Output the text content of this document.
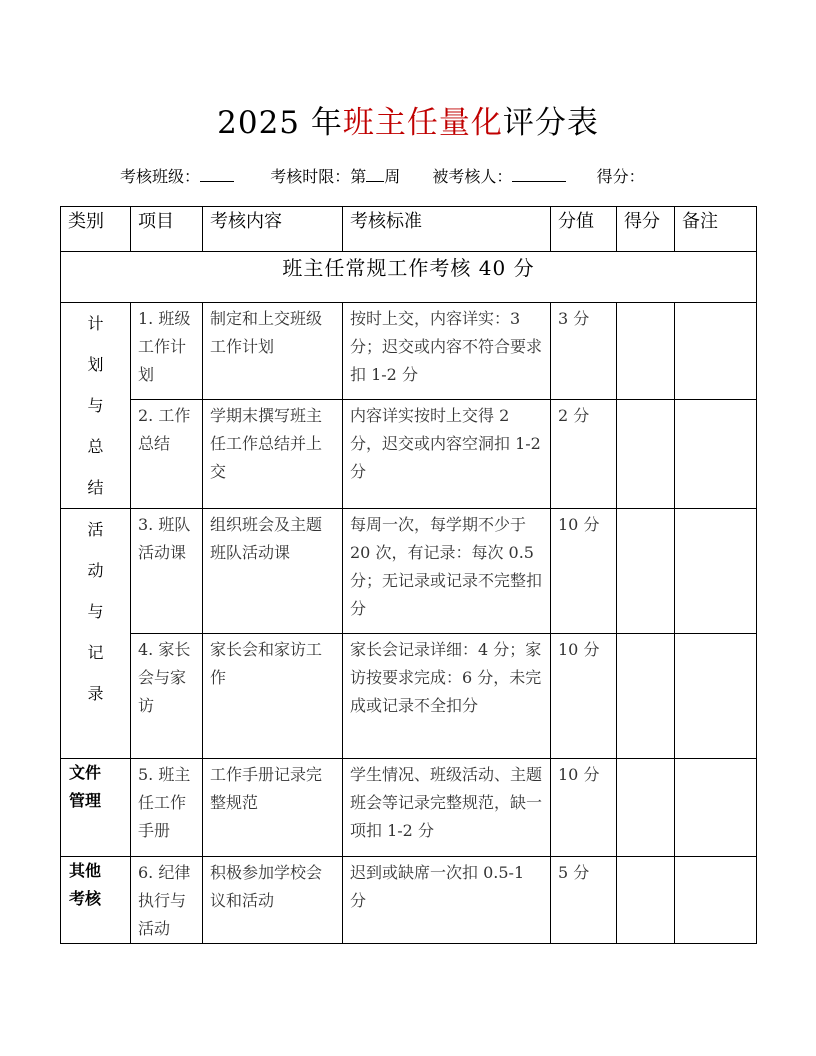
2025 年班主任量化评分表
考核班级：	考核时限：第 周 被考核人：	得分：
类别	项目	考核内容	考核标准	分值	得分	备注

班主任常规工作考核 40 分						

计划与总结	1. 班级工作计划	制定和上交班级工作计划	按时上交，内容详实：3 分；迟交或内容不符合要求扣 1-2 分	3 分		

	2. 工作总结	学期末撰写班主任工作总结并上交	内容详实按时上交得 2 分，迟交或内容空洞扣 1-2 分	2 分		

活动与记录	3. 班队活动课	组织班会及主题班队活动课	每周一次，每学期不少于 20 次，有记录：每次 0.5 分；无记录或记录不完整扣分	10 分		

	4. 家长会与家访	家长会和家访工作	家长会记录详细：4 分；家访按要求完成：6 分，未完成或记录不全扣分	10 分		

文件管理	5. 班主任工作手册	工作手册记录完整规范	学生情况、班级活动、主题班会等记录完整规范，缺一项扣 1-2 分	10 分		

其他考核	6. 纪律执行与活动	积极参加学校会议和活动	迟到或缺席一次扣 0.5-1 分	5 分		
